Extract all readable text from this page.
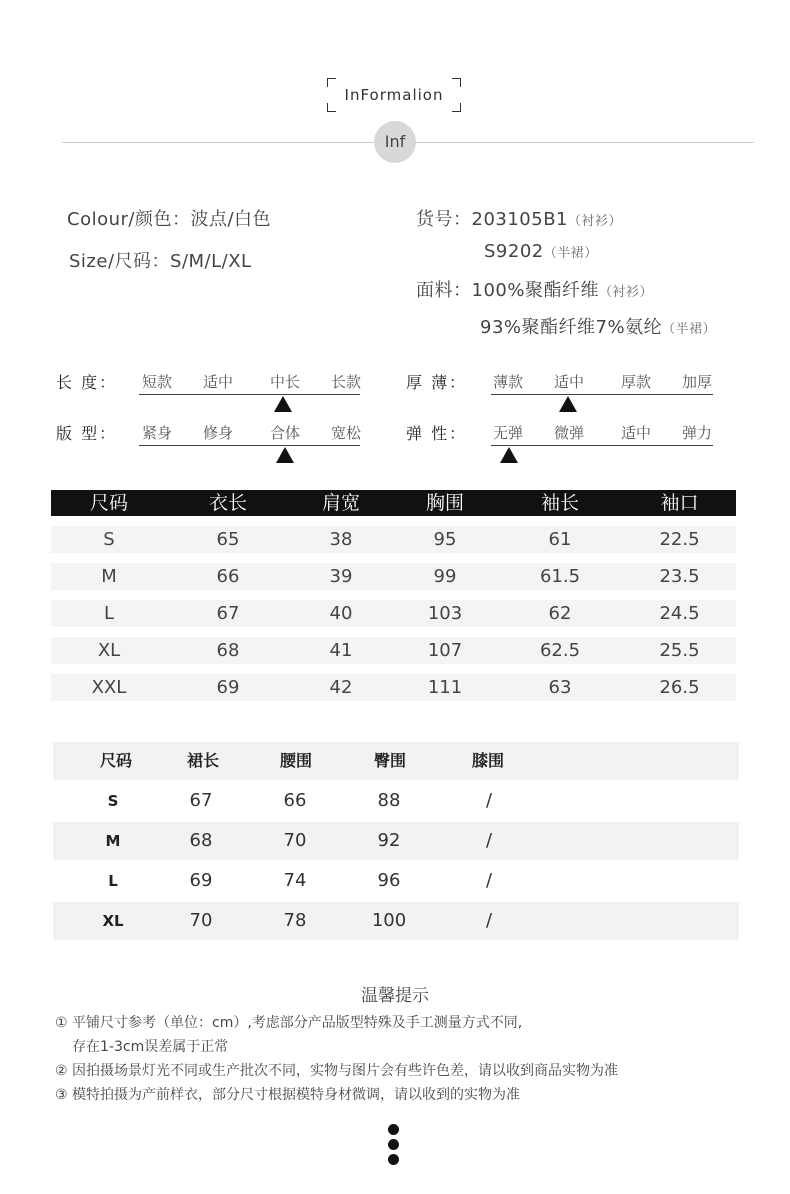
InFormalion
Inf
Colour/颜色：波点/白色
Size/尺码：S/M/L/XL
货号：203105B1（衬衫）
S9202（半裙）
面料：100%聚酯纤维（衬衫）
93%聚酯纤维7%氨纶（半裙）
长 度：	短款	适中	中长	长款	厚 薄：	薄款	适中	厚款	加厚
版 型：	紧身	修身	合体	宽松	弹 性：	无弹	微弹	适中	弹力
尺码	衣长	肩宽	胸围	袖长	袖口
S	65	38	95	61	22.5
M	66	39	99	61.5	23.5
L	67	40	103	62	24.5
XL	68	41	107	62.5	25.5
XXL	69	42	111	63	26.5
尺码	裙长	腰围	臀围	膝围
S	67	66	88	/
M	68	70	92	/
L	69	74	96	/
XL	70	78	100	/
温馨提示
① 平铺尺寸参考（单位：cm）,考虑部分产品版型特殊及手工测量方式不同,
存在1-3cm误差属于正常
② 因拍摄场景灯光不同或生产批次不同，实物与图片会有些许色差，请以收到商品实物为准
③ 模特拍摄为产前样衣，部分尺寸根据模特身材微调，请以收到的实物为准
